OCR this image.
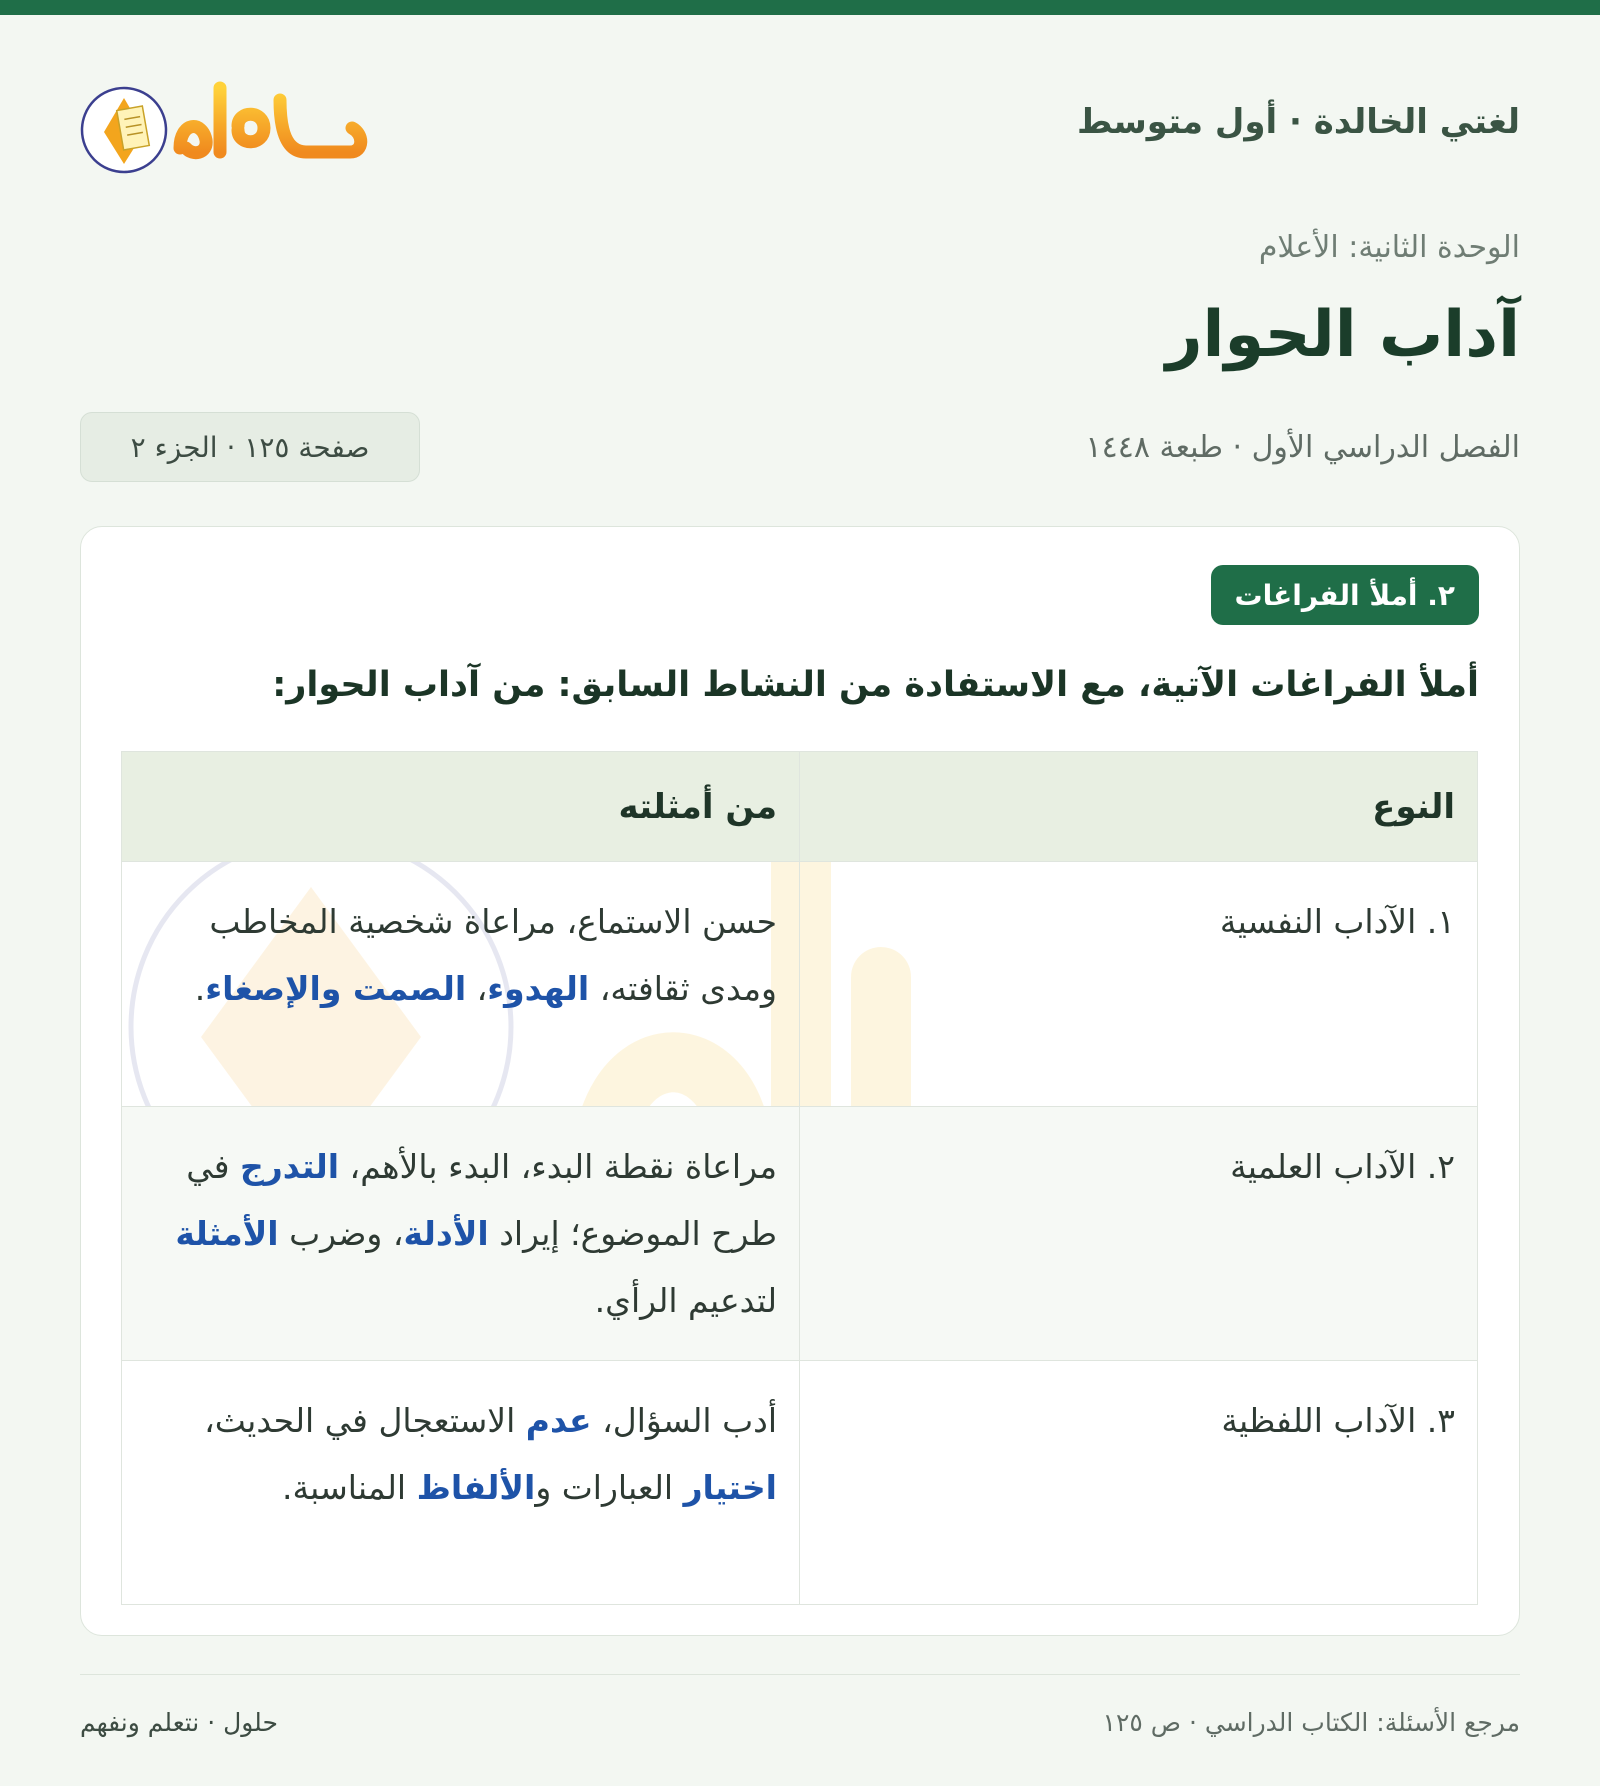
لغتي الخالدة · أول متوسط
الوحدة الثانية: الأعلام
آداب الحوار
الفصل الدراسي الأول · طبعة ١٤٤٨
صفحة ١٢٥ · الجزء ٢
٢. أملأ الفراغات
أملأ الفراغات الآتية، مع الاستفادة من النشاط السابق: من آداب الحوار:
النوع	من أمثلته
١. الآداب النفسية	حسن الاستماع، مراعاة شخصية المخاطب ومدى ثقافته، الهدوء، الصمت والإصغاء.
٢. الآداب العلمية	مراعاة نقطة البدء، البدء بالأهم، التدرج في طرح الموضوع؛ إيراد الأدلة، وضرب الأمثلة لتدعيم الرأي.
٣. الآداب اللفظية	أدب السؤال، عدم الاستعجال في الحديث، اختيار العبارات والألفاظ المناسبة.
مرجع الأسئلة: الكتاب الدراسي · ص ١٢٥
حلول · نتعلم ونفهم
